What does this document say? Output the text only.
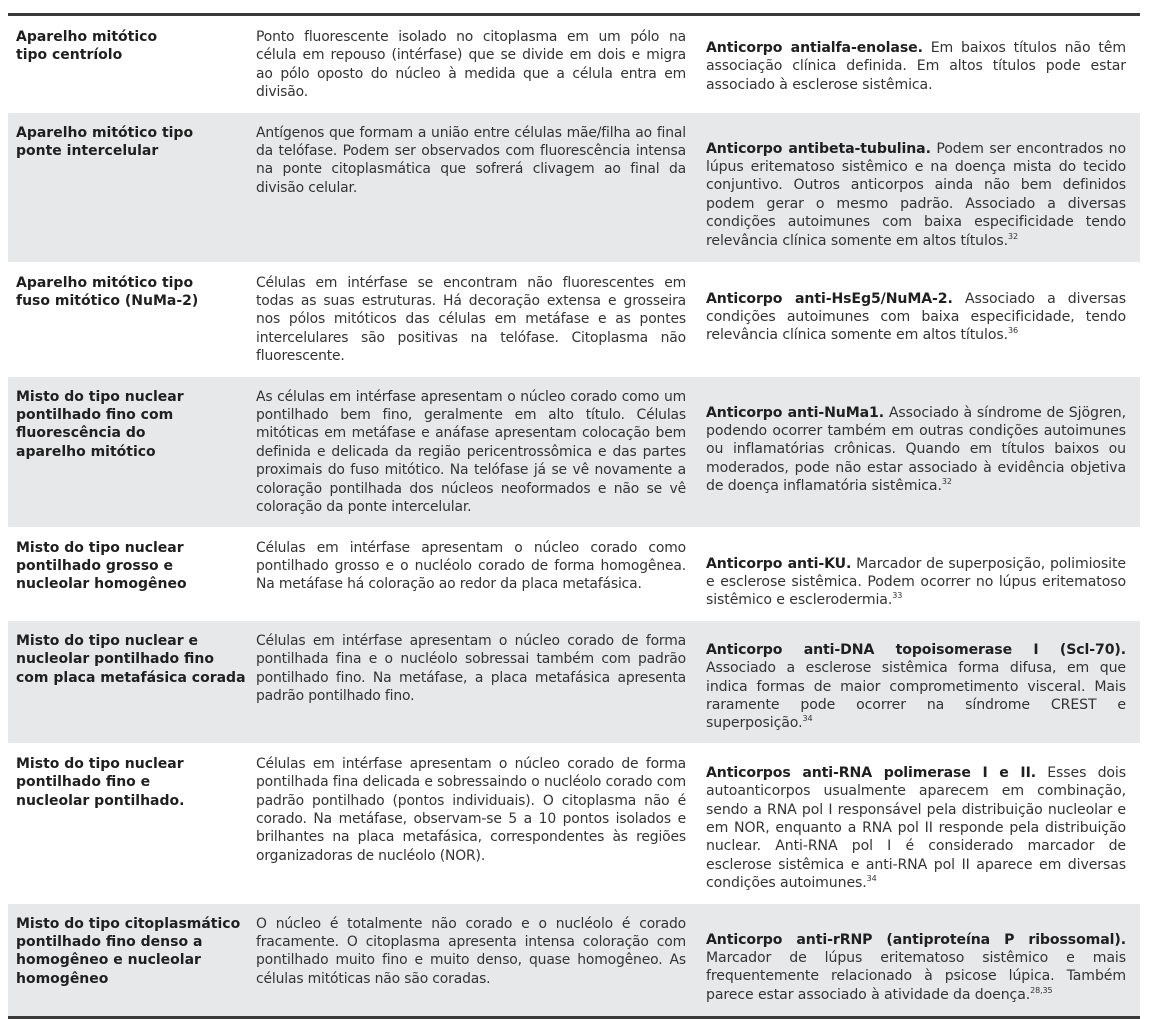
Aparelho mitótico
tipo centríolo
Ponto fluorescente isolado no citoplasma em um pólo na célula em repouso (intérfase) que se divide em dois e migra ao pólo oposto do núcleo à medida que a célula entra em divisão.
Anticorpo antialfa-enolase. Em baixos títulos não têm associação clínica definida. Em altos títulos pode estar associado à esclerose sistêmica.
Aparelho mitótico tipo
ponte intercelular
Antígenos que formam a união entre células mãe/filha ao final da telófase. Podem ser observados com fluorescência intensa na ponte citoplasmática que sofrerá clivagem ao final da divisão celular.
Anticorpo antibeta-tubulina. Podem ser encontrados no lúpus eritematoso sistêmico e na doença mista do tecido conjuntivo. Outros anticorpos ainda não bem definidos podem gerar o mesmo padrão. Associado a diversas condições autoimunes com baixa especificidade tendo relevância clínica somente em altos títulos.$^{32}$
Aparelho mitótico tipo
fuso mitótico (NuMa-2)
Células em intérfase se encontram não fluorescentes em todas as suas estruturas. Há decoração extensa e grosseira nos pólos mitóticos das células em metáfase e as pontes intercelulares são positivas na telófase. Citoplasma não fluorescente.
Anticorpo anti-HsEg5/NuMA-2. Associado a diversas condições autoimunes com baixa especificidade, tendo relevância clínica somente em altos títulos.$^{36}$
Misto do tipo nuclear
pontilhado fino com
fluorescência do
aparelho mitótico
As células em intérfase apresentam o núcleo corado como um pontilhado bem fino, geralmente em alto título. Células mitóticas em metáfase e anáfase apresentam colocação bem definida e delicada da região pericentrossômica e das partes proximais do fuso mitótico. Na telófase já se vê novamente a coloração pontilhada dos núcleos neoformados e não se vê coloração da ponte intercelular.
Anticorpo anti-NuMa1. Associado à síndrome de Sjögren, podendo ocorrer também em outras condições autoimunes ou inflamatórias crônicas. Quando em títulos baixos ou moderados, pode não estar associado à evidência objetiva de doença inflamatória sistêmica.$^{32}$
Misto do tipo nuclear
pontilhado grosso e
nucleolar homogêneo
Células em intérfase apresentam o núcleo corado como pontilhado grosso e o nucléolo corado de forma homogênea. Na metáfase há coloração ao redor da placa metafásica.
Anticorpo anti-KU. Marcador de superposição, polimiosite e esclerose sistêmica. Podem ocorrer no lúpus eritematoso sistêmico e esclerodermia.$^{33}$
Misto do tipo nuclear e
nucleolar pontilhado fino
com placa metafásica corada
Células em intérfase apresentam o núcleo corado de forma pontilhada fina e o nucléolo sobressai também com padrão pontilhado fino. Na metáfase, a placa metafásica apresenta padrão pontilhado fino.
Anticorpo anti-DNA topoisomerase I (Scl-70). Associado a esclerose sistêmica forma difusa, em que indica formas de maior comprometimento visceral. Mais raramente pode ocorrer na síndrome CREST e superposição.$^{34}$
Misto do tipo nuclear
pontilhado fino e
nucleolar pontilhado.
Células em intérfase apresentam o núcleo corado de forma pontilhada fina delicada e sobressaindo o nucléolo corado com padrão pontilhado (pontos individuais). O citoplasma não é corado. Na metáfase, observam-se 5 a 10 pontos isolados e brilhantes na placa metafásica, correspondentes às regiões organizadoras de nucléolo (NOR).
Anticorpos anti-RNA polimerase I e II. Esses dois autoanticorpos usualmente aparecem em combinação, sendo a RNA pol I responsável pela distribuição nucleolar e em NOR, enquanto a RNA pol II responde pela distribuição nuclear. Anti-RNA pol I é considerado marcador de esclerose sistêmica e anti-RNA pol II aparece em diversas condições autoimunes.$^{34}$
Misto do tipo citoplasmático
pontilhado fino denso a
homogêneo e nucleolar
homogêneo
O núcleo é totalmente não corado e o nucléolo é corado fracamente. O citoplasma apresenta intensa coloração com pontilhado muito fino e muito denso, quase homogêneo. As células mitóticas não são coradas.
Anticorpo anti-rRNP (antiproteína P ribossomal). Marcador de lúpus eritematoso sistêmico e mais frequentemente relacionado à psicose lúpica. Também parece estar associado à atividade da doença.$^{28,35}$
